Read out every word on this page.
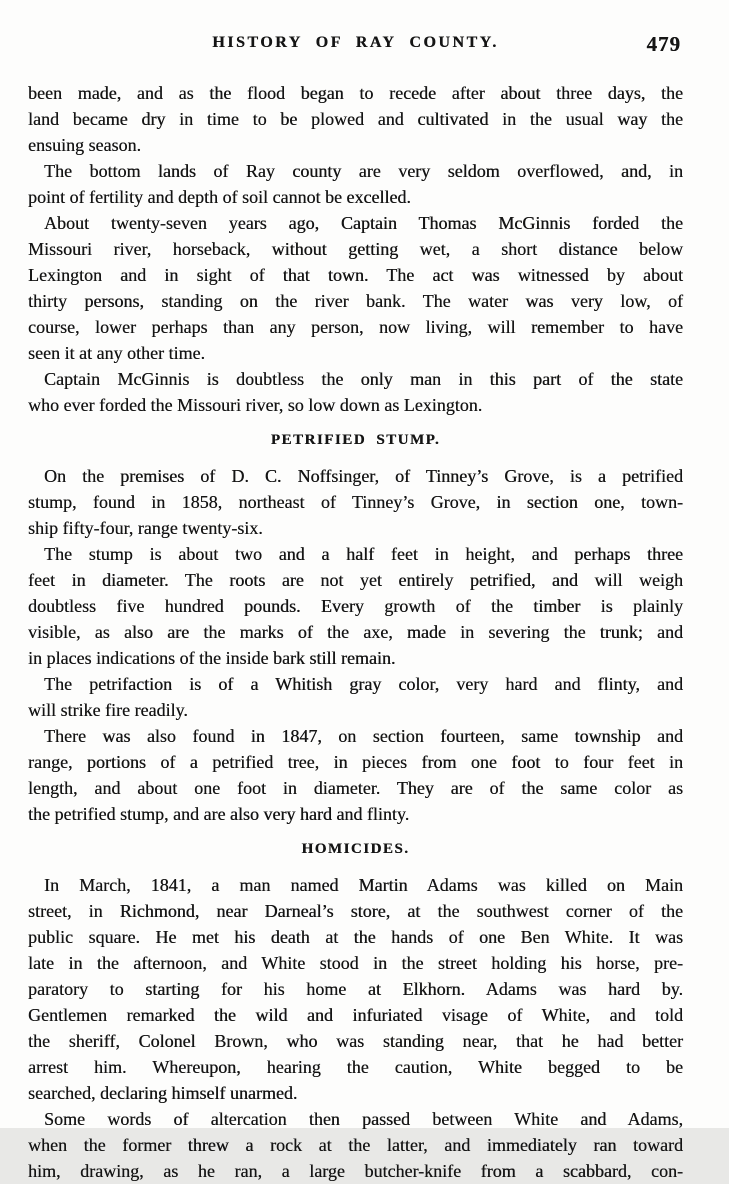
HISTORY OF RAY COUNTY.	479
been made, and as the flood began to recede after about three days, the
land became dry in time to be plowed and cultivated in the usual way the
ensuing season.
The bottom lands of Ray county are very seldom overflowed, and, in
point of fertility and depth of soil cannot be excelled.
About twenty-seven years ago, Captain Thomas McGinnis forded the
Missouri river, horseback, without getting wet, a short distance below
Lexington and in sight of that town. The act was witnessed by about
thirty persons, standing on the river bank. The water was very low, of
course, lower perhaps than any person, now living, will remember to have
seen it at any other time.
Captain McGinnis is doubtless the only man in this part of the state
who ever forded the Missouri river, so low down as Lexington.
PETRIFIED STUMP.
On the premises of D. C. Noffsinger, of Tinney’s Grove, is a petrified
stump, found in 1858, northeast of Tinney’s Grove, in section one, town-
ship fifty-four, range twenty-six.
The stump is about two and a half feet in height, and perhaps three
feet in diameter. The roots are not yet entirely petrified, and will weigh
doubtless five hundred pounds. Every growth of the timber is plainly
visible, as also are the marks of the axe, made in severing the trunk; and
in places indications of the inside bark still remain.
The petrifaction is of a Whitish gray color, very hard and flinty, and
will strike fire readily.
There was also found in 1847, on section fourteen, same township and
range, portions of a petrified tree, in pieces from one foot to four feet in
length, and about one foot in diameter. They are of the same color as
the petrified stump, and are also very hard and flinty.
HOMICIDES.
In March, 1841, a man named Martin Adams was killed on Main
street, in Richmond, near Darneal’s store, at the southwest corner of the
public square. He met his death at the hands of one Ben White. It was
late in the afternoon, and White stood in the street holding his horse, pre-
paratory to starting for his home at Elkhorn. Adams was hard by.
Gentlemen remarked the wild and infuriated visage of White, and told
the sheriff, Colonel Brown, who was standing near, that he had better
arrest him. Whereupon, hearing the caution, White begged to be
searched, declaring himself unarmed.
Some words of altercation then passed between White and Adams,
when the former threw a rock at the latter, and immediately ran toward
him, drawing, as he ran, a large butcher-knife from a scabbard, con-
